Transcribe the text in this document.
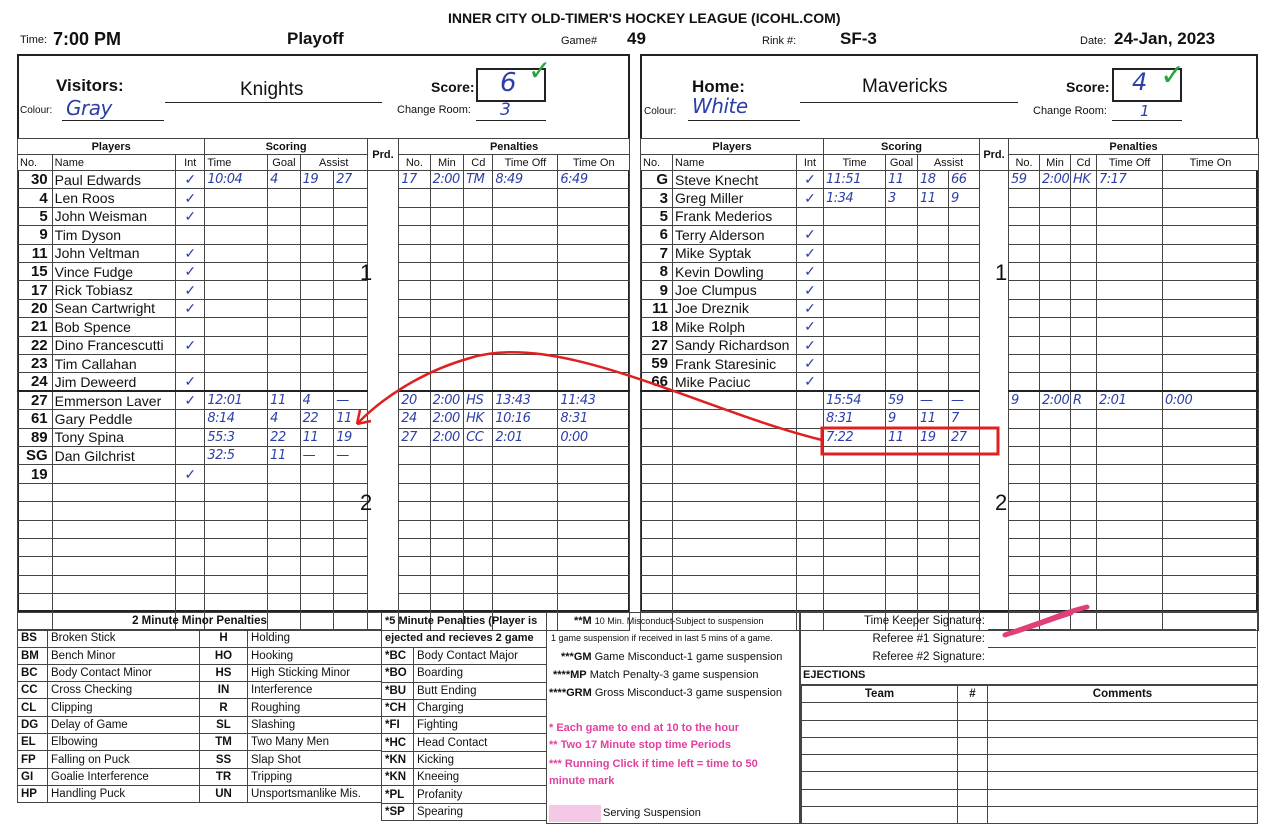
INNER CITY OLD-TIMER'S HOCKEY LEAGUE (ICOHL.COM)
Time: 7:00 PM	Playoff	Game# 49	Rink #:	SF-3	Date: 24-Jan, 2023
Visitors:	Knights
Colour: Gray
Score: 6 ✓
Change Room: 3
Home:	Mavericks
Colour: White
Score: 4 ✓
Change Room: 1
Players			Scoring				Prd.	Penalties				
No.	Name	Int	Time	Goal	Assist			No.	Min	Cd	Time Off	Time On
30	Paul Edwards	✓	10:04	4	19	27		17	2:00	TM	8:49	6:49
4	Len Roos	✓										
5	John Weisman	✓										
9	Tim Dyson											
11	John Veltman	✓										
15	Vince Fudge	✓										
17	Rick Tobiasz	✓										
20	Sean Cartwright	✓										
21	Bob Spence											
22	Dino Francescutti	✓										
23	Tim Callahan											
24	Jim Deweerd	✓										
27	Emmerson Laver	✓	12:01	11	4	—		20	2:00	HS	13:43	11:43
61	Gary Peddle		8:14	4	22	11		24	2:00	HK	10:16	8:31
89	Tony Spina		55:3	22	11	19		27	2:00	CC	2:01	0:00
SG	Dan Gilchrist		32:5	11	—	—						
19		✓										

Players			Scoring				Prd.	Penalties				
No.	Name	Int	Time	Goal	Assist			No.	Min	Cd	Time Off	Time On
G	Steve Knecht	✓	11:51	11	18	66		59	2:00	HK	7:17	
3	Greg Miller	✓	1:34	3	11	9						
5	Frank Mederios											
6	Terry Alderson	✓										
7	Mike Syptak	✓										
8	Kevin Dowling	✓										
9	Joe Clumpus	✓										
11	Joe Dreznik	✓										
18	Mike Rolph	✓										
27	Sandy Richardson	✓										
59	Frank Staresinic	✓										
66	Mike Paciuc	✓										
			15:54	59	—	—		9	2:00	R	2:01	0:00
			8:31	9	11	7						
			7:22	11	19	27						

1
2
1
2
2 Minute Minor Penalties			
BS	Broken Stick	H	Holding
BM	Bench Minor	HO	Hooking
BC	Body Contact Minor	HS	High Sticking Minor
CC	Cross Checking	IN	Interference
CL	Clipping	R	Roughing
DG	Delay of Game	SL	Slashing
EL	Elbowing	TM	Two Many Men
FP	Falling on Puck	SS	Slap Shot
GI	Goalie Interference	TR	Tripping
HP	Handling Puck	UN	Unsportsmanlike Mis.
*5 Minute Penalties (Player is ejected and recieves 2 game	
*BC	Body Contact Major
*BO	Boarding
*BU	Butt Ending
*CH	Charging
*FI	Fighting
*HC	Head Contact
*KN	Kicking
*KN	Kneeing
*PL	Profanity
*SP	Spearing
**M 10 Min. Misconduct-Subject to suspension
1 game suspension if received in last 5 mins of a game.
***GM Game Misconduct-1 game suspension
****MP Match Penalty-3 game suspension
****GRM Gross Misconduct-3 game suspension
* Each game to end at 10 to the hour
** Two 17 Minute stop time Periods
*** Running Click if time left = time to 50 minute mark
Serving Suspension
Time Keeper Signature:
Referee #1 Signature:
Referee #2 Signature:
EJECTIONS
Team	#	Comments
